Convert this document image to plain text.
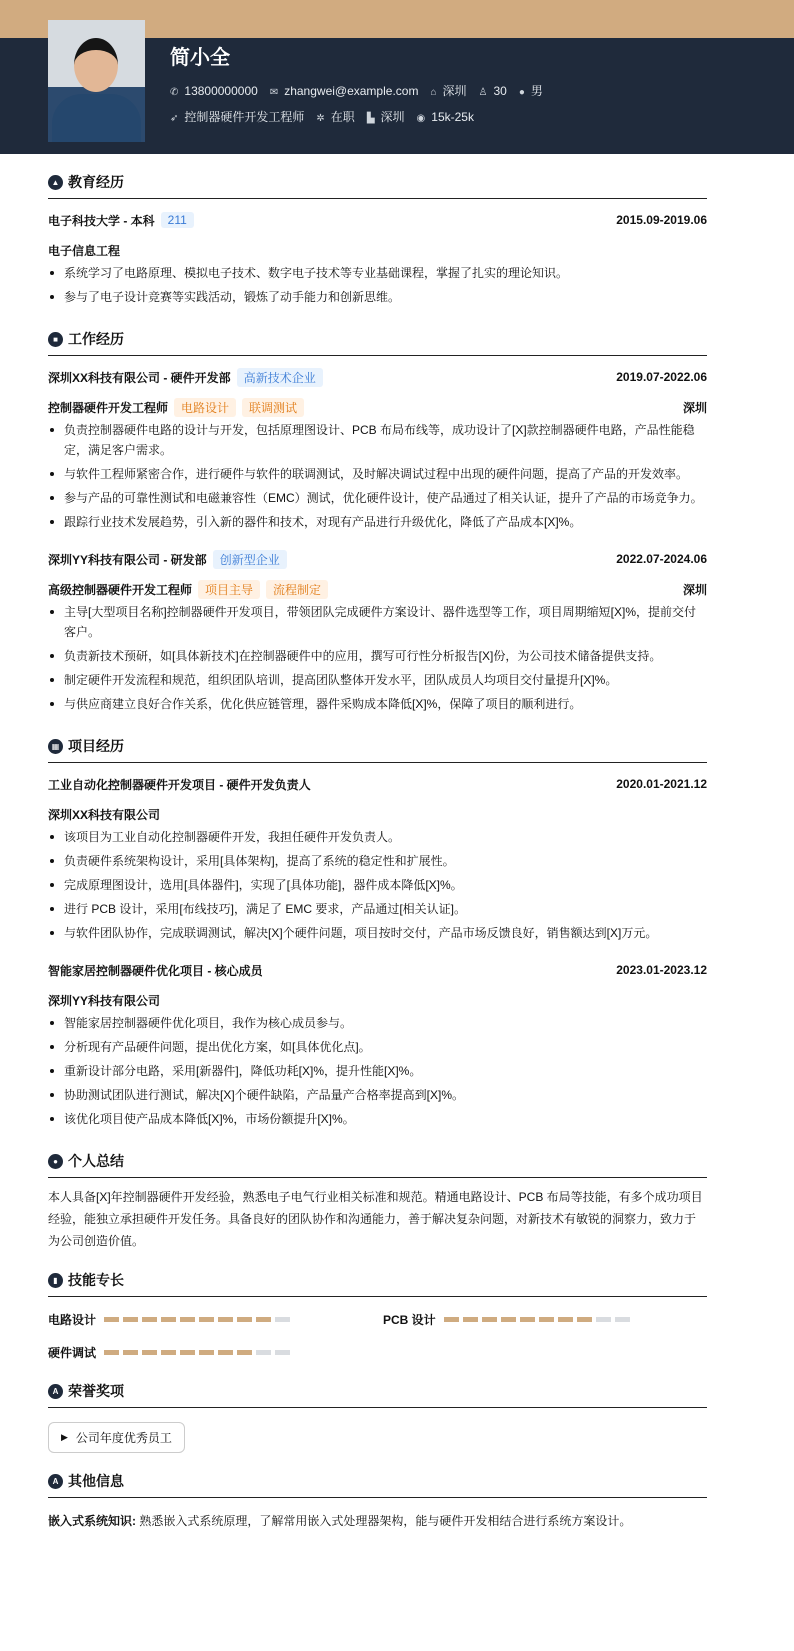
简小全
✆ 13800000000 ✉ zhangwei@example.com ⌂ 深圳 ♙ 30 ● 男
➶ 控制器硬件开发工程师 ✲ 在职 ▙ 深圳 ◉ 15k-25k
▲ 教育经历
电子科技大学 - 本科	211	2015.09-2019.06
电子信息工程
系统学习了电路原理、模拟电子技术、数字电子技术等专业基础课程，掌握了扎实的理论知识。
参与了电子设计竞赛等实践活动，锻炼了动手能力和创新思维。
■ 工作经历
深圳XX科技有限公司 - 硬件开发部	高新技术企业	2019.07-2022.06
控制器硬件开发工程师	电路设计	联调测试	深圳
负责控制器硬件电路的设计与开发，包括原理图设计、PCB 布局布线等，成功设计了[X]款控制器硬件电路，产品性能稳定，满足客户需求。
与软件工程师紧密合作，进行硬件与软件的联调测试，及时解决调试过程中出现的硬件问题，提高了产品的开发效率。
参与产品的可靠性测试和电磁兼容性（EMC）测试，优化硬件设计，使产品通过了相关认证，提升了产品的市场竞争力。
跟踪行业技术发展趋势，引入新的器件和技术，对现有产品进行升级优化，降低了产品成本[X]%。
深圳YY科技有限公司 - 研发部	创新型企业	2022.07-2024.06
高级控制器硬件开发工程师	项目主导	流程制定	深圳
主导[大型项目名称]控制器硬件开发项目，带领团队完成硬件方案设计、器件选型等工作，项目周期缩短[X]%，提前交付客户。
负责新技术预研，如[具体新技术]在控制器硬件中的应用，撰写可行性分析报告[X]份，为公司技术储备提供支持。
制定硬件开发流程和规范，组织团队培训，提高团队整体开发水平，团队成员人均项目交付量提升[X]%。
与供应商建立良好合作关系，优化供应链管理，器件采购成本降低[X]%，保障了项目的顺利进行。
▦ 项目经历
工业自动化控制器硬件开发项目 - 硬件开发负责人	2020.01-2021.12
深圳XX科技有限公司
该项目为工业自动化控制器硬件开发，我担任硬件开发负责人。
负责硬件系统架构设计，采用[具体架构]，提高了系统的稳定性和扩展性。
完成原理图设计，选用[具体器件]，实现了[具体功能]，器件成本降低[X]%。
进行 PCB 设计，采用[布线技巧]，满足了 EMC 要求，产品通过[相关认证]。
与软件团队协作，完成联调测试，解决[X]个硬件问题，项目按时交付，产品市场反馈良好，销售额达到[X]万元。
智能家居控制器硬件优化项目 - 核心成员	2023.01-2023.12
深圳YY科技有限公司
智能家居控制器硬件优化项目，我作为核心成员参与。
分析现有产品硬件问题，提出优化方案，如[具体优化点]。
重新设计部分电路，采用[新器件]，降低功耗[X]%，提升性能[X]%。
协助测试团队进行测试，解决[X]个硬件缺陷，产品量产合格率提高到[X]%。
该优化项目使产品成本降低[X]%，市场份额提升[X]%。
● 个人总结
本人具备[X]年控制器硬件开发经验，熟悉电子电气行业相关标准和规范。精通电路设计、PCB 布局等技能，有多个成功项目经验，能独立承担硬件开发任务。具备良好的团队协作和沟通能力，善于解决复杂问题，对新技术有敏锐的洞察力，致力于为公司创造价值。
▮ 技能专长
电路设计	PCB 设计
硬件调试
A 荣誉奖项
▶ 公司年度优秀员工
A 其他信息
嵌入式系统知识: 熟悉嵌入式系统原理，了解常用嵌入式处理器架构，能与硬件开发相结合进行系统方案设计。
